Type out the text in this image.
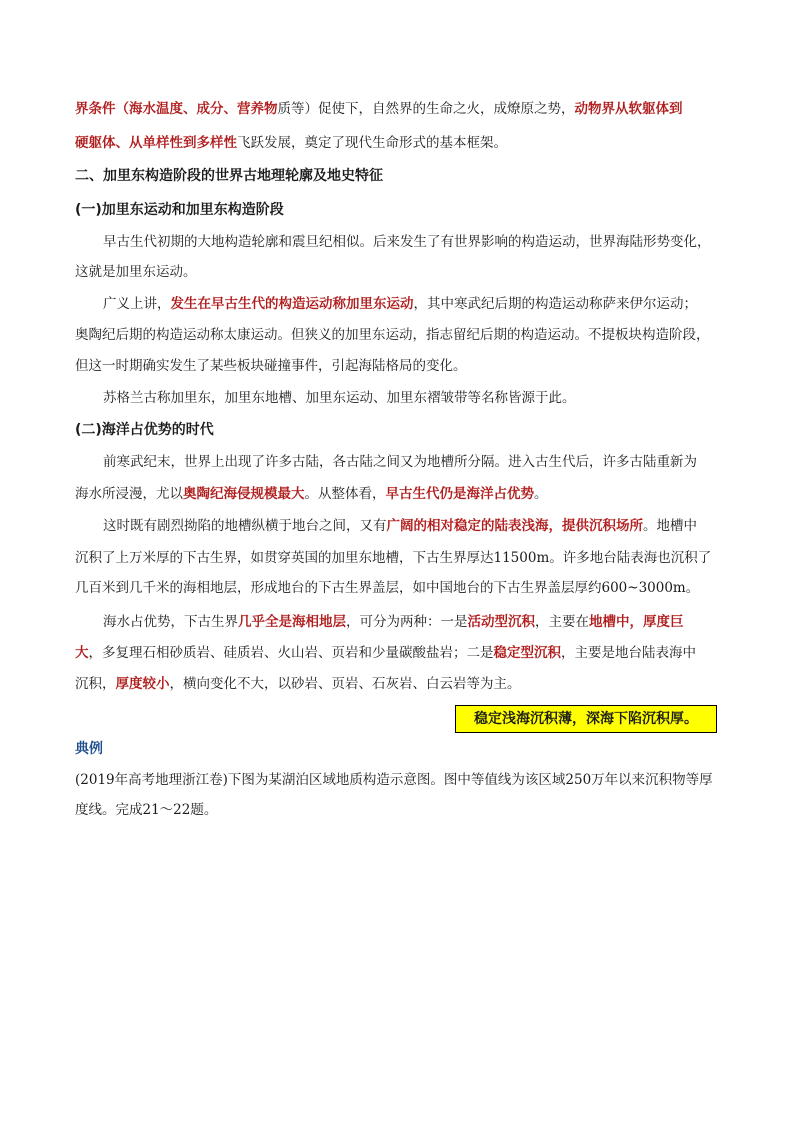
界条件（海水温度、成分、营养物质等）促使下，自然界的生命之火，成燎原之势，动物界从软躯体到
硬躯体、从单样性到多样性飞跃发展，奠定了现代生命形式的基本框架。
二、加里东构造阶段的世界古地理轮廓及地史特征
(一)加里东运动和加里东构造阶段
早古生代初期的大地构造轮廓和震旦纪相似。后来发生了有世界影响的构造运动，世界海陆形势变化，
这就是加里东运动。
广义上讲，发生在早古生代的构造运动称加里东运动，其中寒武纪后期的构造运动称萨来伊尔运动；
奥陶纪后期的构造运动称太康运动。但狭义的加里东运动，指志留纪后期的构造运动。不提板块构造阶段，
但这一时期确实发生了某些板块碰撞事件，引起海陆格局的变化。
苏格兰古称加里东，加里东地槽、加里东运动、加里东褶皱带等名称皆源于此。
(二)海洋占优势的时代
前寒武纪末，世界上出现了许多古陆，各古陆之间又为地槽所分隔。进入古生代后，许多古陆重新为
海水所浸漫，尤以奥陶纪海侵规模最大。从整体看，早古生代仍是海洋占优势。
这时既有剧烈拗陷的地槽纵横于地台之间，又有广阔的相对稳定的陆表浅海，提供沉积场所。地槽中
沉积了上万米厚的下古生界，如贯穿英国的加里东地槽，下古生界厚达11500m。许多地台陆表海也沉积了
几百米到几千米的海相地层，形成地台的下古生界盖层，如中国地台的下古生界盖层厚约600~3000m。
海水占优势，下古生界几乎全是海相地层，可分为两种：一是活动型沉积，主要在地槽中，厚度巨
大，多复理石相砂质岩、硅质岩、火山岩、页岩和少量碳酸盐岩；二是稳定型沉积，主要是地台陆表海中
沉积，厚度较小，横向变化不大，以砂岩、页岩、石灰岩、白云岩等为主。
稳定浅海沉积薄，深海下陷沉积厚。
典例
(2019年高考地理浙江卷)下图为某湖泊区域地质构造示意图。图中等值线为该区域250万年以来沉积物等厚
度线。完成21～22题。
